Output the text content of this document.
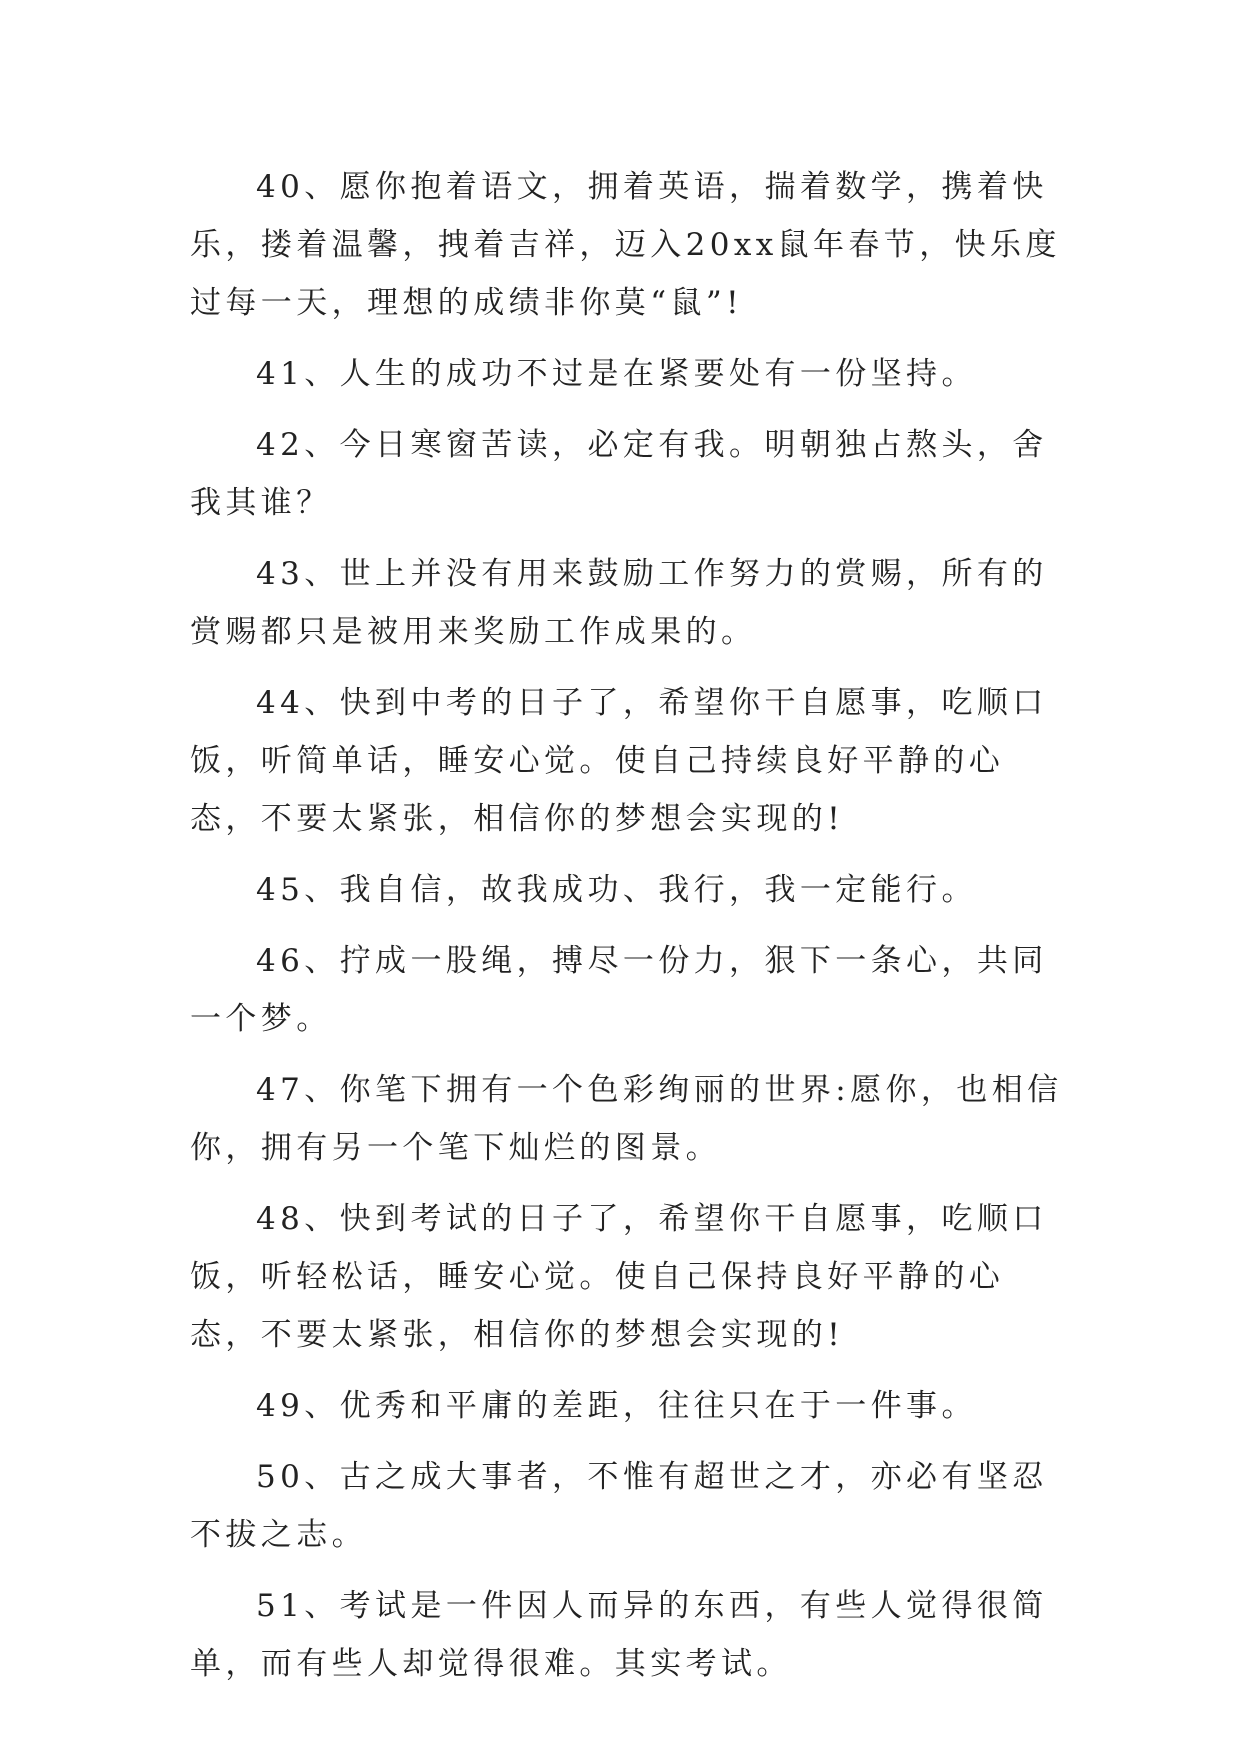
40、愿你抱着语文，拥着英语，揣着数学，携着快乐，搂着温馨，拽着吉祥，迈入20xx鼠年春节，快乐度过每一天，理想的成绩非你莫“鼠”!

41、人生的成功不过是在紧要处有一份坚持。

42、今日寒窗苦读，必定有我。明朝独占熬头，舍我其谁？

43、世上并没有用来鼓励工作努力的赏赐，所有的赏赐都只是被用来奖励工作成果的。

44、快到中考的日子了，希望你干自愿事，吃顺口饭，听简单话，睡安心觉。使自己持续良好平静的心态，不要太紧张，相信你的梦想会实现的!

45、我自信，故我成功、我行，我一定能行。

46、拧成一股绳，搏尽一份力，狠下一条心，共同一个梦。

47、你笔下拥有一个色彩绚丽的世界:愿你，也相信你，拥有另一个笔下灿烂的图景。

48、快到考试的日子了，希望你干自愿事，吃顺口饭，听轻松话，睡安心觉。使自己保持良好平静的心态，不要太紧张，相信你的梦想会实现的!

49、优秀和平庸的差距，往往只在于一件事。

50、古之成大事者，不惟有超世之才，亦必有坚忍不拔之志。

51、考试是一件因人而异的东西，有些人觉得很简单，而有些人却觉得很难。其实考试。
